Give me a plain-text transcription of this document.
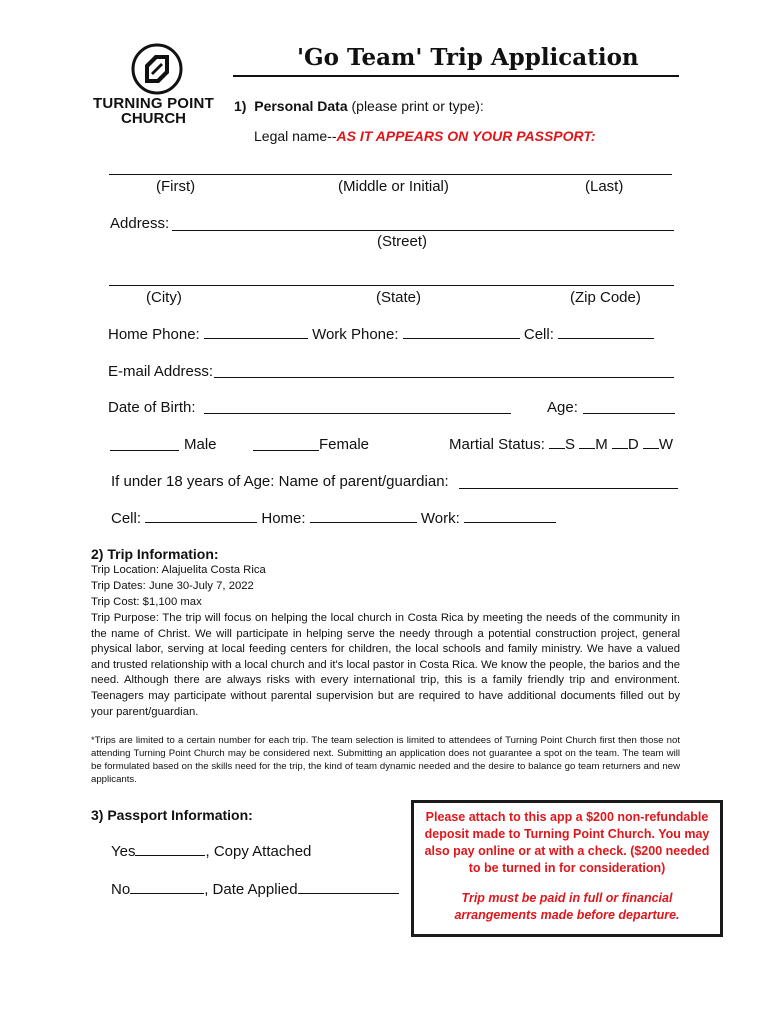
TURNING POINT
CHURCH
'Go Team' Trip Application
1) Personal Data (please print or type):
Legal name--AS IT APPEARS ON YOUR PASSPORT:
(First)	(Middle or Initial)	(Last)
Address:
(Street)
(City)	(State)	(Zip Code)
Home Phone:	Work Phone:	Cell:
E-mail Address:
Date of Birth:	Age:
Male	Female	Martial Status: S M D W
If under 18 years of Age: Name of parent/guardian:
Cell:	Home:	Work:
2) Trip Information:
Trip Location: Alajuelita Costa Rica
Trip Dates: June 30-July 7, 2022
Trip Cost: $1,100 max
Trip Purpose: The trip will focus on helping the local church in Costa Rica by meeting the needs of the community in the name of Christ. We will participate in helping serve the needy through a potential construction project, general physical labor, serving at local feeding centers for children, the local schools and family ministry. We have a valued and trusted relationship with a local church and it's local pastor in Costa Rica. We know the people, the barios and the need. Although there are always risks with every international trip, this is a family friendly trip and environment. Teenagers may participate without parental supervision but are required to have additional documents filled out by your parent/guardian.
*Trips are limited to a certain number for each trip. The team selection is limited to attendees of Turning Point Church first then those not attending Turning Point Church may be considered next. Submitting an application does not guarantee a spot on the team. The team will be formulated based on the skills need for the trip, the kind of team dynamic needed and the desire to balance go team returners and new applicants.
3) Passport Information:
Yes	, Copy Attached
No	, Date Applied
Please attach to this app a $200 non-refundable deposit made to Turning Point Church. You may also pay online or at with a check. ($200 needed to be turned in for consideration)
Trip must be paid in full or financial arrangements made before departure.
